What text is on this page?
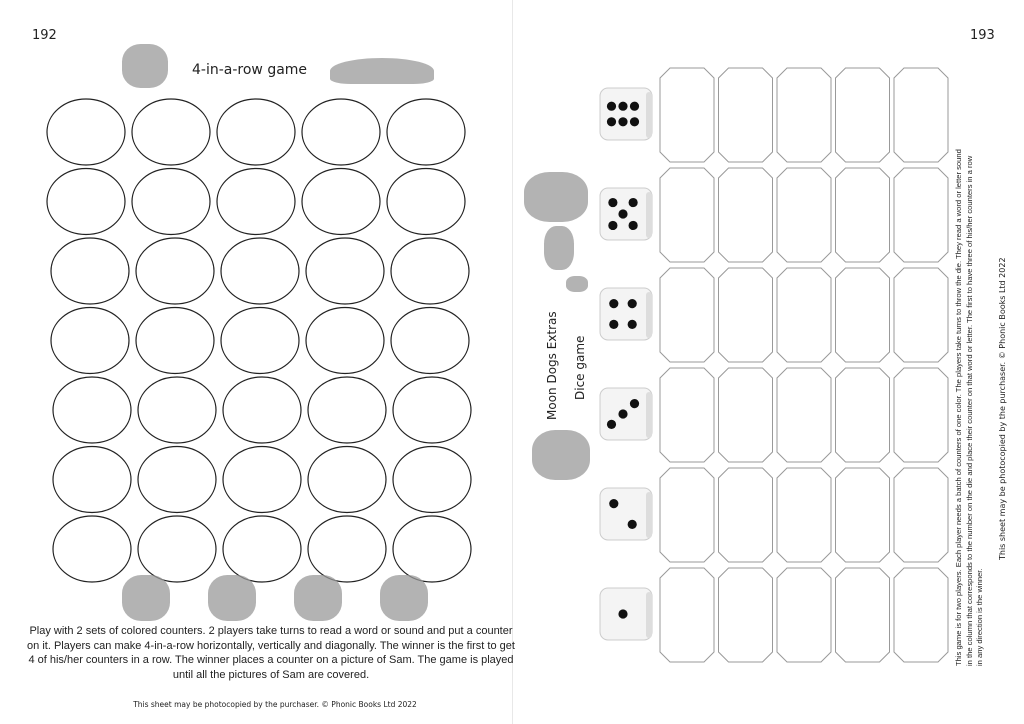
192	193
4-in-a-row game
Play with 2 sets of colored counters. 2 players take turns to read a word or sound and put a counter on it. Players can make 4-in-a-row horizontally, vertically and diagonally. The winner is the first to get 4 of his/her counters in a row. The winner places a counter on a picture of Sam. The game is played until all the pictures of Sam are covered.
This sheet may be photocopied by the purchaser. © Phonic Books Ltd 2022
Moon Dogs Extras	Dice game	This game is for two players. Each player needs a batch of counters of one color. The players take turns to throw the die. They read a word or letter sound in the column that corresponds to the number on the die and place their counter on that word or letter. The first to have three of his/her counters in a row in any direction is the winner.
This sheet may be photocopied by the purchaser. © Phonic Books Ltd 2022
